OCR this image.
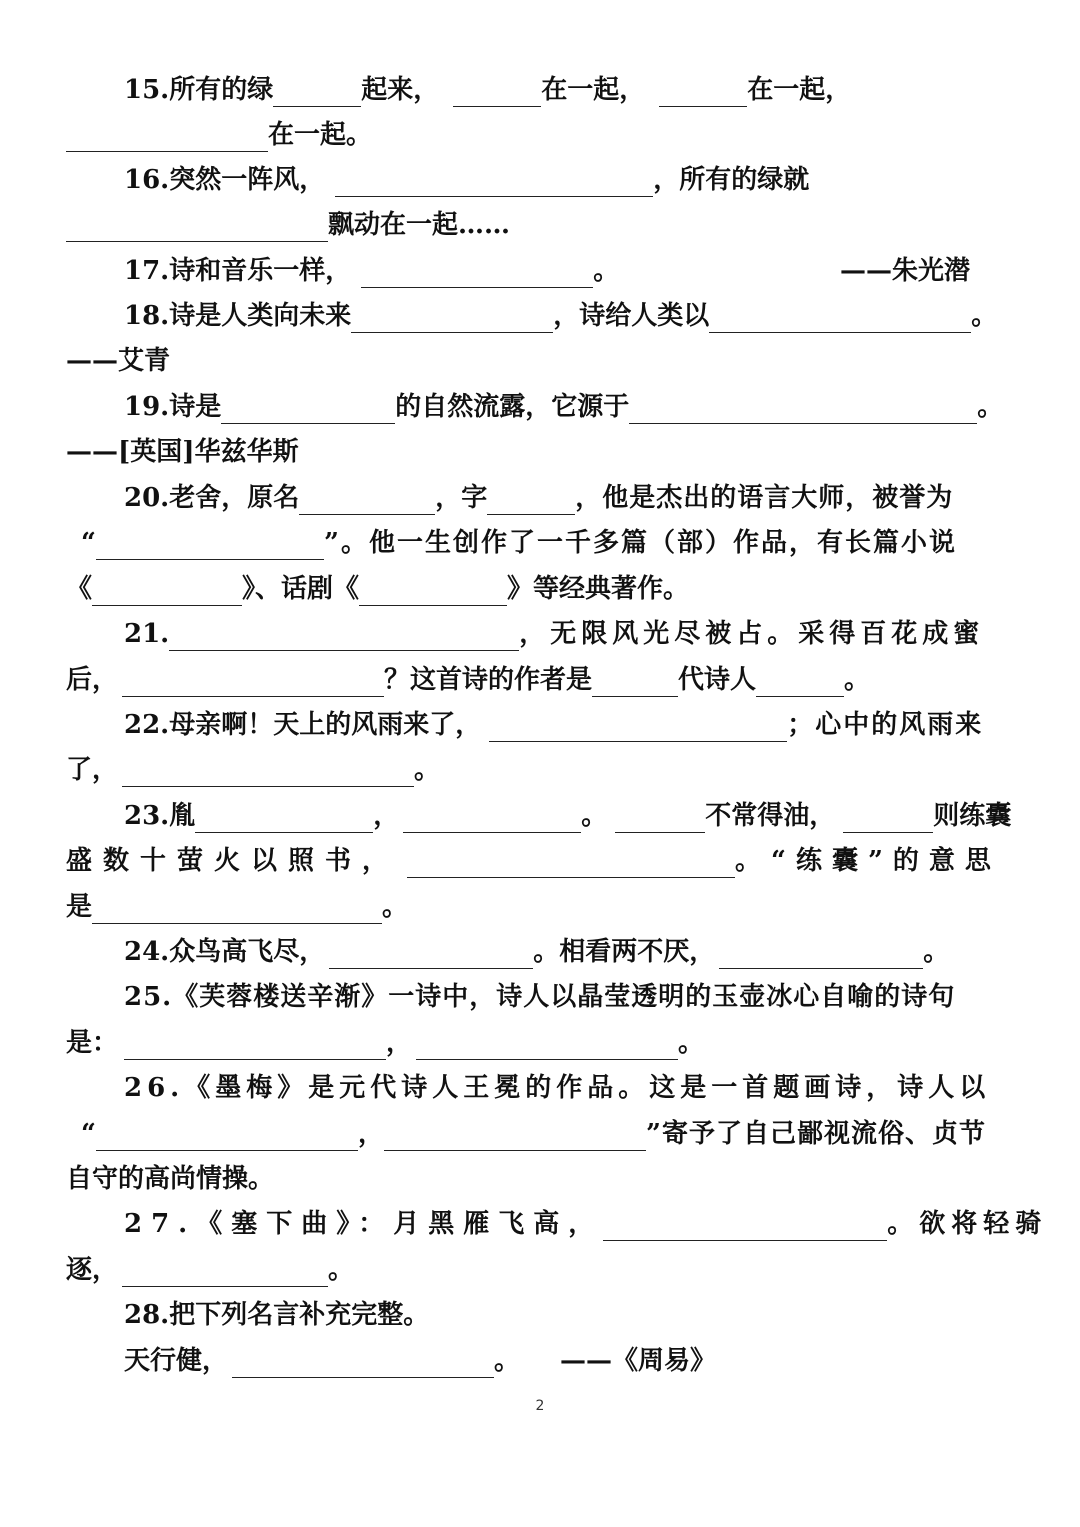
15.所有的绿	起来，	在一起，	在一起，
在一起。
16.突然一阵风，	，所有的绿就
飘动在一起……
17.诗和音乐一样，	。	——朱光潜
18.诗是人类向未来	，诗给人类以	。
——艾青
19.诗是	的自然流露，它源于	。
——[英国]华兹华斯
20.老舍，原名	，字	，他是杰出的语言大师，被誉为
“	”。他一生创作了一千多篇（部）作品，有长篇小说
《	》、话剧《	》等经典著作。
21.	，无限风光尽被占。采得百花成蜜
后，	？这首诗的作者是	代诗人	。
22.母亲啊！天上的风雨来了，	；心中的风雨来
了，	。
23.胤	，	。	不常得油，	则练囊
盛数十萤火以照书，	。“练囊”的意思
是	。
24.众鸟高飞尽，	。相看两不厌，	。
25.《芙蓉楼送辛渐》一诗中，诗人以晶莹透明的玉壶冰心自喻的诗句
是：	，	。
26.《墨梅》是元代诗人王冕的作品。这是一首题画诗，诗人以
“	，	”寄予了自己鄙视流俗、贞节
自守的高尚情操。
27.《塞下曲》：月黑雁飞高，	。欲将轻骑
逐，	。
28.把下列名言补充完整。
天行健，	。 ——《周易》
2
